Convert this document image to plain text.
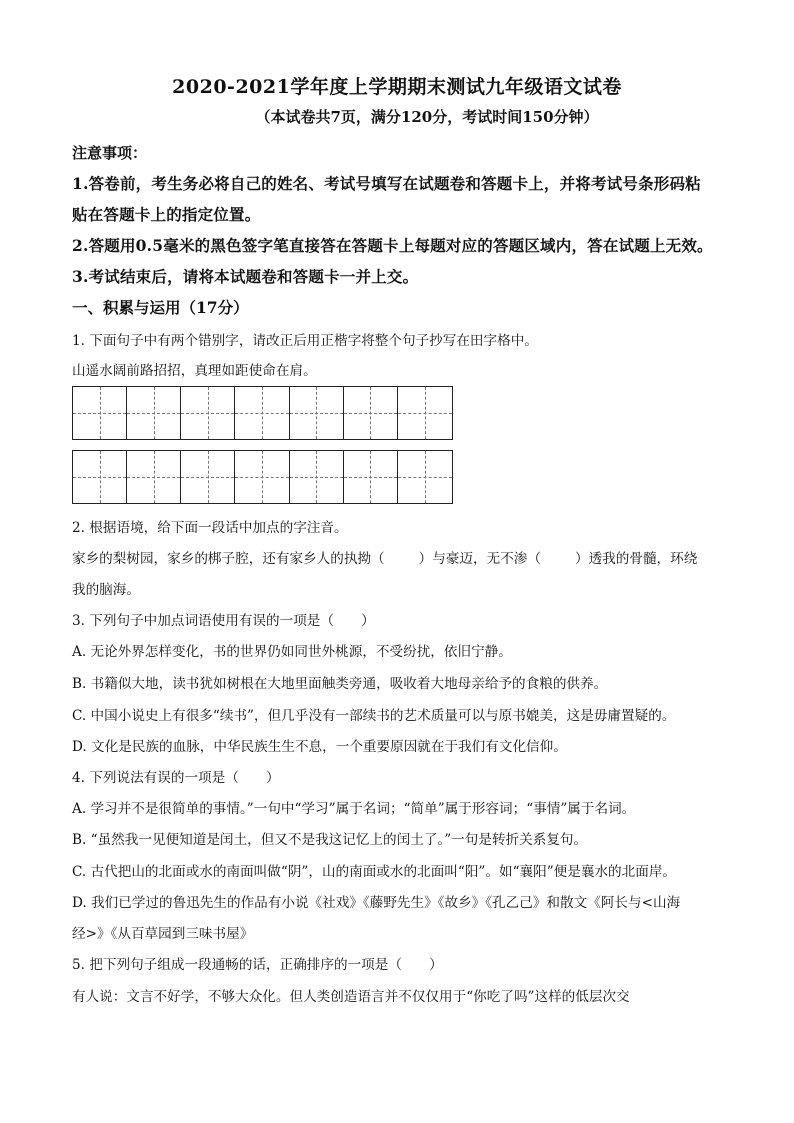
2020-2021学年度上学期期末测试九年级语文试卷
（本试卷共7页，满分120分，考试时间150分钟）
注意事项：
1.答卷前，考生务必将自己的姓名、考试号填写在试题卷和答题卡上，并将考试号条形码粘
贴在答题卡上的指定位置。
2.答题用0.5毫米的黑色签字笔直接答在答题卡上每题对应的答题区域内，答在试题上无效。
3.考试结束后，请将本试题卷和答题卡一并上交。
一、积累与运用（17分）
1. 下面句子中有两个错别字，请改正后用正楷字将整个句子抄写在田字格中。
山遥水阔前路招招，真理如距使命在肩。
2. 根据语境，给下面一段话中加点的字注音。
家乡的梨树园，家乡的梆子腔，还有家乡人的执拗（	）与豪迈，无不渗（	）透我的骨髓，环绕
我的脑海。
3. 下列句子中加点词语使用有误的一项是（　　）
A. 无论外界怎样变化，书的世界仍如同世外桃源，不受纷扰，依旧宁静。
B. 书籍似大地，读书犹如树根在大地里面触类旁通，吸收着大地母亲给予的食粮的供养。
C. 中国小说史上有很多“续书”，但几乎没有一部续书的艺术质量可以与原书媲美，这是毋庸置疑的。
D. 文化是民族的血脉，中华民族生生不息，一个重要原因就在于我们有文化信仰。
4. 下列说法有误的一项是（　　）
A. 学习并不是很简单的事情。”一句中“学习”属于名词；“简单”属于形容词；“事情”属于名词。
B. “虽然我一见便知道是闰土，但又不是我这记忆上的闰土了。”一句是转折关系复句。
C. 古代把山的北面或水的南面叫做“阴”，山的南面或水的北面叫“阳”。如“襄阳”便是襄水的北面岸。
D. 我们已学过的鲁迅先生的作品有小说《社戏》《藤野先生》《故乡》《孔乙己》和散文《阿长与<山海
经>》《从百草园到三味书屋》
5. 把下列句子组成一段通畅的话，正确排序的一项是（　　）
有人说：文言不好学，不够大众化。但人类创造语言并不仅仅用于“你吃了吗”这样的低层次交
